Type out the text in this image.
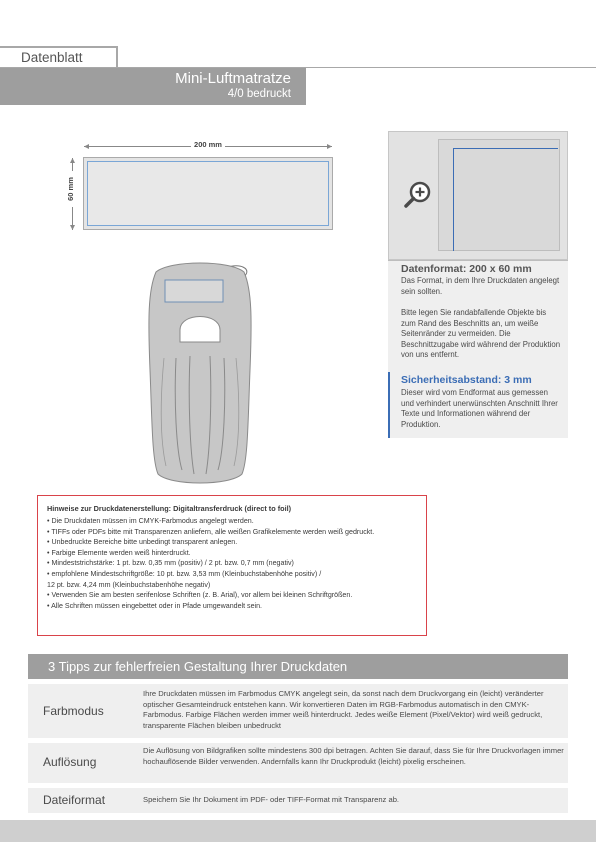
Datenblatt
Mini-Luftmatratze
4/0 bedruckt
200 mm
60 mm
Datenformat: 200 x 60 mm
Das Format, in dem Ihre Druckdaten angelegt sein sollten.
Bitte legen Sie randabfallende Objekte bis zum Rand des Beschnitts an, um weiße Seitenränder zu vermeiden. Die Beschnittzugabe wird während der Produktion von uns entfernt.
Sicherheitsabstand: 3 mm
Dieser wird vom Endformat aus gemessen und verhindert unerwünschten Anschnitt Ihrer Texte und Informationen während der Produktion.
Hinweise zur Druckdatenerstellung: Digitaltransferdruck (direct to foil)
• Die Druckdaten müssen im CMYK-Farbmodus angelegt werden.
• TIFFs oder PDFs bitte mit Transparenzen anliefern, alle weißen Grafikelemente werden weiß gedruckt.
• Unbedruckte Bereiche bitte unbedingt transparent anlegen.
• Farbige Elemente werden weiß hinterdruckt.
• Mindeststrichstärke: 1 pt. bzw. 0,35 mm (positiv) / 2 pt. bzw. 0,7 mm (negativ)
• empfohlene Mindestschriftgröße: 10 pt. bzw. 3,53 mm (Kleinbuchstabenhöhe positiv) /
12 pt. bzw. 4,24 mm (Kleinbuchstabenhöhe negativ)
• Verwenden Sie am besten serifenlose Schriften (z. B. Arial), vor allem bei kleinen Schriftgrößen.
• Alle Schriften müssen eingebettet oder in Pfade umgewandelt sein.
3 Tipps zur fehlerfreien Gestaltung Ihrer Druckdaten
Farbmodus
Ihre Druckdaten müssen im Farbmodus CMYK angelegt sein, da sonst nach dem Druckvorgang ein (leicht) veränderter optischer Gesamteindruck entstehen kann. Wir konvertieren Daten im RGB-Farbmodus automatisch in den CMYK-Farbmodus. Farbige Flächen werden immer weiß hinterdruckt. Jedes weiße Element (Pixel/Vektor) wird weiß gedruckt, transparente Flächen bleiben unbedruckt
Auflösung
Die Auflösung von Bildgrafiken sollte mindestens 300 dpi betragen. Achten Sie darauf, dass Sie für Ihre Druckvorlagen immer hochauflösende Bilder verwenden. Andernfalls kann Ihr Druckprodukt (leicht) pixelig erscheinen.
Dateiformat	Speichern Sie Ihr Dokument im PDF- oder TIFF-Format mit Transparenz ab.
